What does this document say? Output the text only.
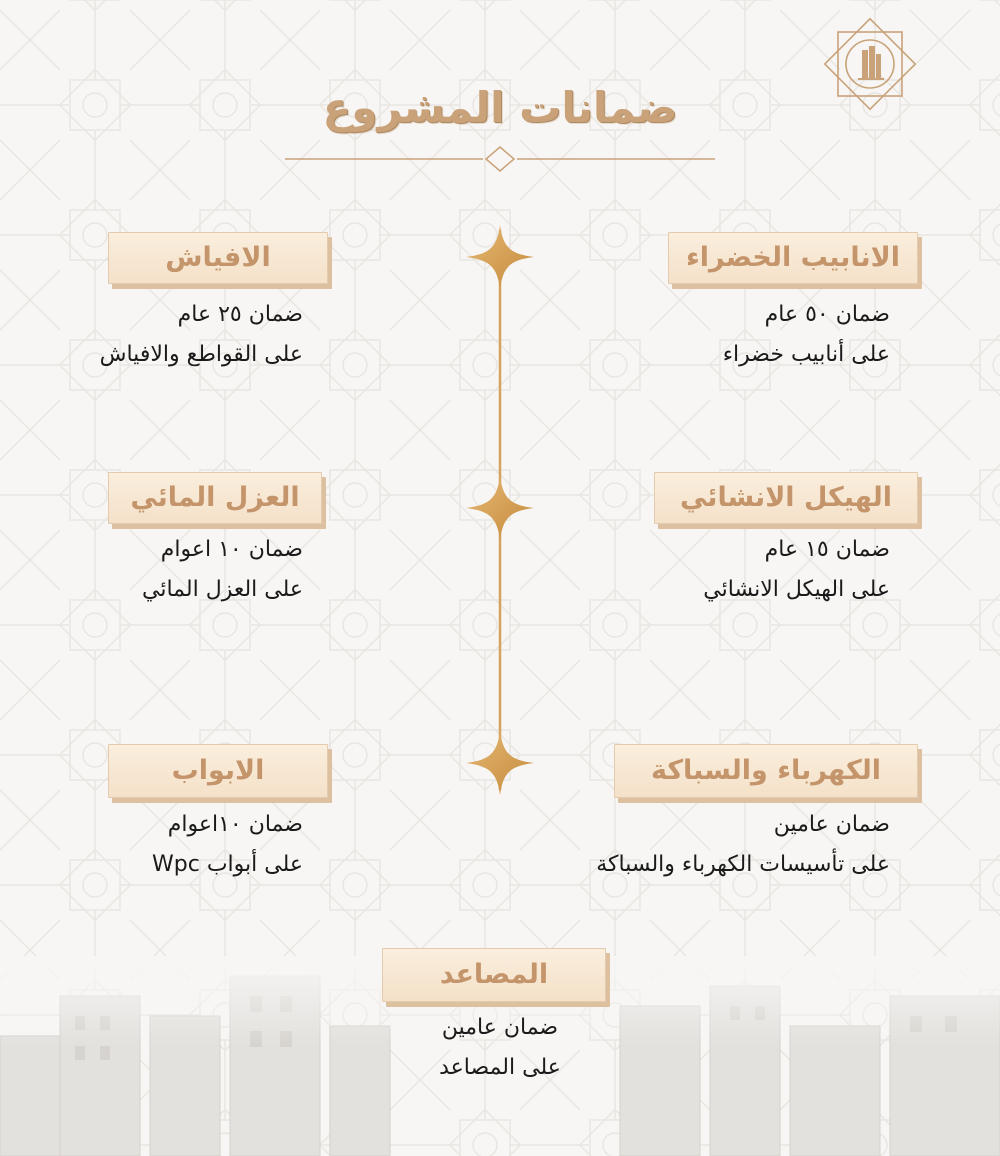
ضمانات المشروع
الانابيب الخضراء
ضمان ٥٠ عام
على أنابيب خضراء
الافياش
ضمان ٢٥ عام
على القواطع والافياش
الهيكل الانشائي
ضمان ١٥ عام
على الهيكل الانشائي
العزل المائي
ضمان ١٠ اعوام
على العزل المائي
الكهرباء والسباكة
ضمان عامين
على تأسيسات الكهرباء والسباكة
الابواب
ضمان ١٠اعوام
على أبواب Wpc
المصاعد
ضمان عامين
على المصاعد
